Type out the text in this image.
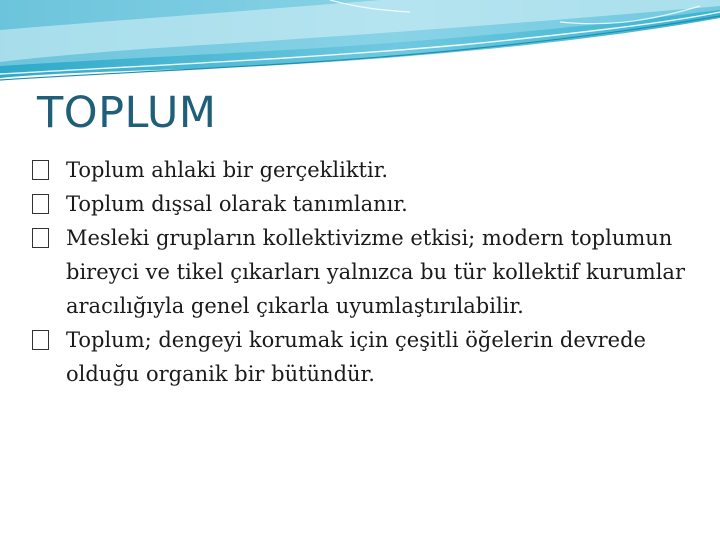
TOPLUM
Toplum ahlaki bir gerçekliktir.
Toplum dışsal olarak tanımlanır.
Mesleki grupların kollektivizme etkisi; modern toplumun bireyci ve tikel çıkarları yalnızca bu tür kollektif kurumlar aracılığıyla genel çıkarla uyumlaştırılabilir.
Toplum; dengeyi korumak için çeşitli öğelerin devrede olduğu organik bir bütündür.
